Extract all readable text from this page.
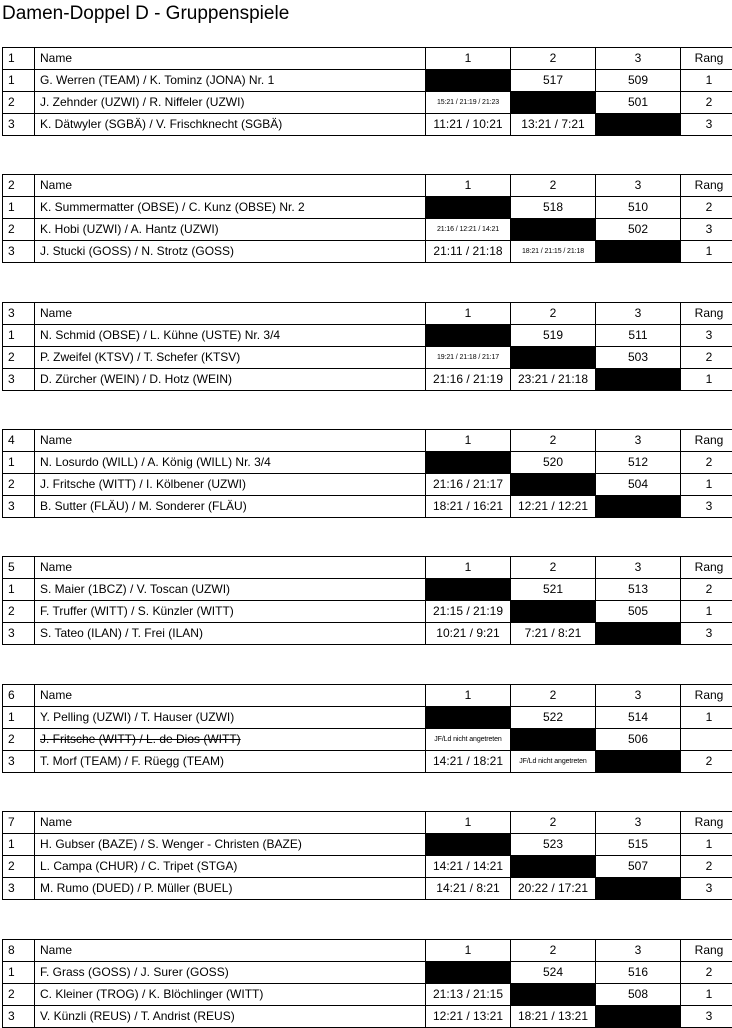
Damen-Doppel D - Gruppenspiele
1	Name	1	2	3	Rang
1	G. Werren (TEAM) / K. Tominz (JONA) Nr. 1		517	509	1
2	J. Zehnder (UZWI) / R. Niffeler (UZWI)	15:21 / 21:19 / 21:23		501	2
3	K. Dätwyler (SGBÄ) / V. Frischknecht (SGBÄ)	11:21 / 10:21	13:21 / 7:21		3
2	Name	1	2	3	Rang
1	K. Summermatter (OBSE) / C. Kunz (OBSE) Nr. 2		518	510	2
2	K. Hobi (UZWI) / A. Hantz (UZWI)	21:16 / 12:21 / 14:21		502	3
3	J. Stucki (GOSS) / N. Strotz (GOSS)	21:11 / 21:18	18:21 / 21:15 / 21:18		1
3	Name	1	2	3	Rang
1	N. Schmid (OBSE) / L. Kühne (USTE) Nr. 3/4		519	511	3
2	P. Zweifel (KTSV) / T. Schefer (KTSV)	19:21 / 21:18 / 21:17		503	2
3	D. Zürcher (WEIN) / D. Hotz (WEIN)	21:16 / 21:19	23:21 / 21:18		1
4	Name	1	2	3	Rang
1	N. Losurdo (WILL) / A. König (WILL) Nr. 3/4		520	512	2
2	J. Fritsche (WITT) / I. Kölbener (UZWI)	21:16 / 21:17		504	1
3	B. Sutter (FLÄU) / M. Sonderer (FLÄU)	18:21 / 16:21	12:21 / 12:21		3
5	Name	1	2	3	Rang
1	S. Maier (1BCZ) / V. Toscan (UZWI)		521	513	2
2	F. Truffer (WITT) / S. Künzler (WITT)	21:15 / 21:19		505	1
3	S. Tateo (ILAN) / T. Frei (ILAN)	10:21 / 9:21	7:21 / 8:21		3
6	Name	1	2	3	Rang
1	Y. Pelling (UZWI) / T. Hauser (UZWI)		522	514	1
2	J. Fritsche (WITT) / L. de Dios (WITT)	JF/Ld nicht angetreten		506	
3	T. Morf (TEAM) / F. Rüegg (TEAM)	14:21 / 18:21	JF/Ld nicht angetreten		2
7	Name	1	2	3	Rang
1	H. Gubser (BAZE) / S. Wenger - Christen (BAZE)		523	515	1
2	L. Campa (CHUR) / C. Tripet (STGA)	14:21 / 14:21		507	2
3	M. Rumo (DUED) / P. Müller (BUEL)	14:21 / 8:21	20:22 / 17:21		3
8	Name	1	2	3	Rang
1	F. Grass (GOSS) / J. Surer (GOSS)		524	516	2
2	C. Kleiner (TROG) / K. Blöchlinger (WITT)	21:13 / 21:15		508	1
3	V. Künzli (REUS) / T. Andrist (REUS)	12:21 / 13:21	18:21 / 13:21		3
